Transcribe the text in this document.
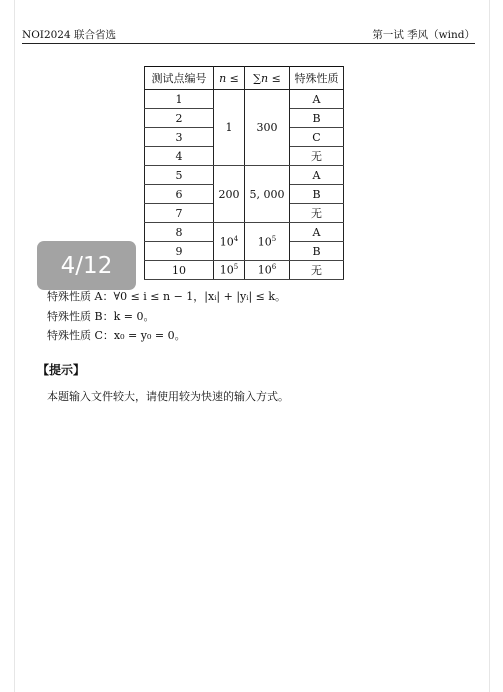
NOI2024 联合省选	第一试 季风（wind）
测试点编号	n ≤	∑n ≤	特殊性质
1	1	300	A
2			B
3			C
4			无
5	200	5, 000	A
6			B
7			无
8	$10^4$	$10^5$	A
9			B
10	$10^5$	$10^6$	无
特殊性质 A：∀0 ≤ i ≤ n − 1，|xᵢ| + |yᵢ| ≤ k。
特殊性质 B：k = 0。
特殊性质 C：x₀ = y₀ = 0。
【提示】
本题输入文件较大，请使用较为快速的输入方式。
4/12
